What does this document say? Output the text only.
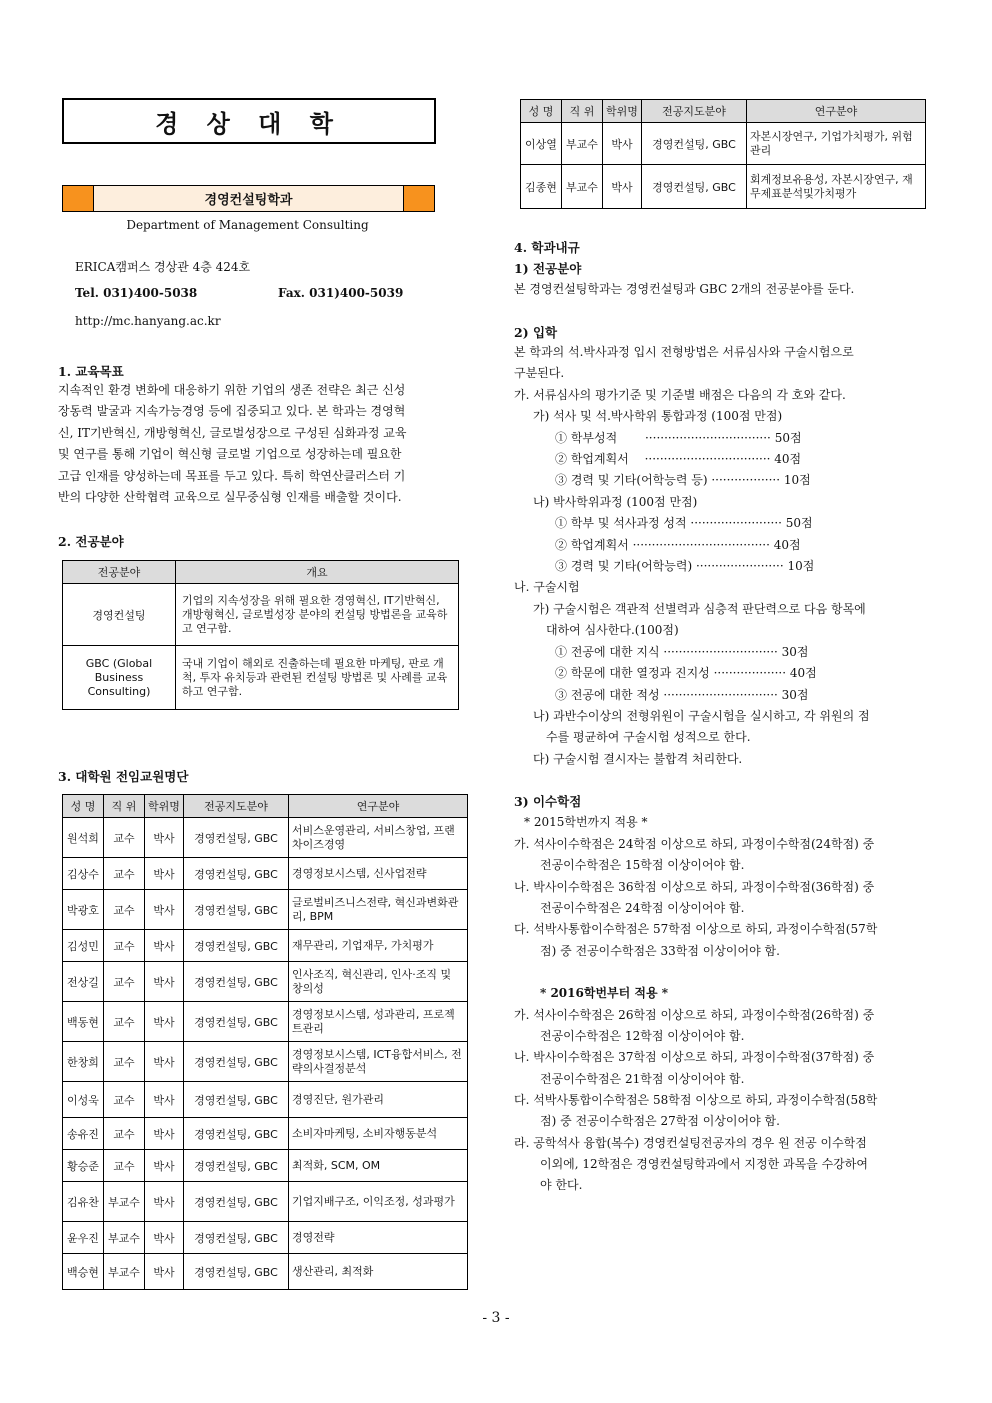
경 상 대 학
경영컨설팅학과
Department of Management Consulting
ERICA캠퍼스 경상관 4층 424호
Tel. 031)400-5038	Fax. 031)400-5039
http://mc.hanyang.ac.kr
1. 교육목표
지속적인 환경 변화에 대응하기 위한 기업의 생존 전략은 최근 신성
장동력 발굴과 지속가능경영 등에 집중되고 있다. 본 학과는 경영혁
신, IT기반혁신, 개방형혁신, 글로벌성장으로 구성된 심화과정 교육
및 연구를 통해 기업이 혁신형 글로벌 기업으로 성장하는데 필요한
고급 인재를 양성하는데 목표를 두고 있다. 특히 학연산클러스터 기
반의 다양한 산학협력 교육으로 실무중심형 인재를 배출할 것이다.
2. 전공분야
전공분야	개요
경영컨설팅	기업의 지속성장을 위해 필요한 경영혁신, IT기반혁신, 개방형혁신, 글로벌성장 분야의 컨설팅 방법론을 교육하고 연구함.
GBC (Global Business Consulting)	국내 기업이 해외로 진출하는데 필요한 마케팅, 판로 개척, 투자 유치등과 관련된 컨설팅 방법론 및 사례를 교육하고 연구함.
3. 대학원 전임교원명단
성 명	직 위	학위명	전공지도분야	연구분야
원석희	교수	박사	경영컨설팅, GBC	서비스운영관리, 서비스창업, 프랜차이즈경영
김상수	교수	박사	경영컨설팅, GBC	경영정보시스템, 신사업전략
박광호	교수	박사	경영컨설팅, GBC	글로벌비즈니스전략, 혁신과변화관리, BPM
김성민	교수	박사	경영컨설팅, GBC	재무관리, 기업재무, 가치평가
전상길	교수	박사	경영컨설팅, GBC	인사조직, 혁신관리, 인사·조직 및 창의성
백동현	교수	박사	경영컨설팅, GBC	경영정보시스템, 성과관리, 프로젝트관리
한창희	교수	박사	경영컨설팅, GBC	경영정보시스템, ICT융합서비스, 전략의사결정분석
이성욱	교수	박사	경영컨설팅, GBC	경영진단, 원가관리
송유진	교수	박사	경영컨설팅, GBC	소비자마케팅, 소비자행동분석
황승준	교수	박사	경영컨설팅, GBC	최적화, SCM, OM
김유찬	부교수	박사	경영컨설팅, GBC	기업지배구조, 이익조정, 성과평가
윤우진	부교수	박사	경영컨설팅, GBC	경영전략
백승현	부교수	박사	경영컨설팅, GBC	생산관리, 최적화
성 명	직 위	학위명	전공지도분야	연구분야
이상열	부교수	박사	경영컨설팅, GBC	자본시장연구, 기업가치평가, 위험관리
김종현	부교수	박사	경영컨설팅, GBC	회계정보유용성, 자본시장연구, 재무제표분석및가치평가
4. 학과내규
1) 전공분야
본 경영컨설팅학과는 경영컨설팅과 GBC 2개의 전공분야를 둔다.
2) 입학
본 학과의 석.박사과정 입시 전형방법은 서류심사와 구술시험으로
구분된다.
가. 서류심사의 평가기준 및 기준별 배점은 다음의 각 호와 같다.
가) 석사 및 석.박사학위 통합과정 (100점 만점)
① 학부성적　　 ································· 50점
② 학업계획서　 ································· 40점
③ 경력 및 기타(어학능력 등) ·················· 10점
나) 박사학위과정 (100점 만점)
① 학부 및 석사과정 성적 ························ 50점
② 학업계획서 ···································· 40점
③ 경력 및 기타(어학능력) ······················· 10점
나. 구술시험
가) 구술시험은 객관적 선별력과 심층적 판단력으로 다음 항목에
대하여 심사한다.(100점)
① 전공에 대한 지식 ······························ 30점
② 학문에 대한 열정과 진지성 ··················· 40점
③ 전공에 대한 적성 ······························ 30점
나) 과반수이상의 전형위원이 구술시험을 실시하고, 각 위원의 점
수를 평균하여 구술시험 성적으로 한다.
다) 구술시험 결시자는 불합격 처리한다.
3) 이수학점
* 2015학번까지 적용 *
가. 석사이수학점은 24학점 이상으로 하되, 과정이수학점(24학점) 중
전공이수학점은 15학점 이상이어야 함.
나. 박사이수학점은 36학점 이상으로 하되, 과정이수학점(36학점) 중
전공이수학점은 24학점 이상이어야 함.
다. 석박사통합이수학점은 57학점 이상으로 하되, 과정이수학점(57학
점) 중 전공이수학점은 33학점 이상이어야 함.
* 2016학번부터 적용 *
가. 석사이수학점은 26학점 이상으로 하되, 과정이수학점(26학점) 중
전공이수학점은 12학점 이상이어야 함.
나. 박사이수학점은 37학점 이상으로 하되, 과정이수학점(37학점) 중
전공이수학점은 21학점 이상이어야 함.
다. 석박사통합이수학점은 58학점 이상으로 하되, 과정이수학점(58학
점) 중 전공이수학점은 27학점 이상이어야 함.
라. 공학석사 융합(복수) 경영컨설팅전공자의 경우 원 전공 이수학점
이외에, 12학점은 경영컨설팅학과에서 지정한 과목을 수강하여
야 한다.
- 3 -
